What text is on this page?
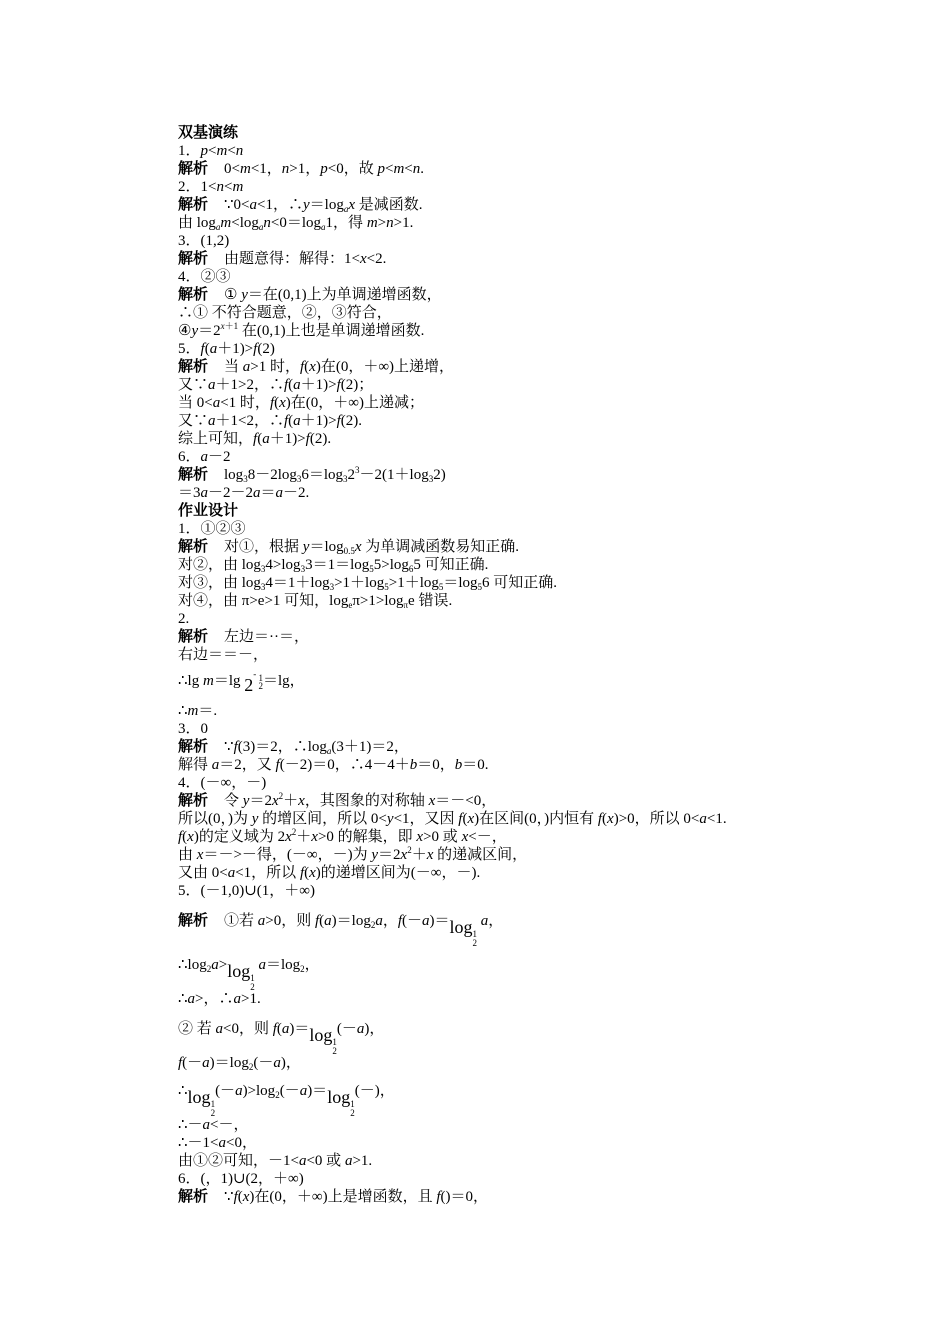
双基演练
1．p<m<n
解析 0<m<1，n>1，p<0，故 p<m<n.
2．1<n<m
解析 ∵0<a<1，$\therefore y=\log_ax$ 是减函数.
由 $\log_am<\log_an<0=\log_a1$，得 m>n>1.
3．(1,2)
解析 由题意得：解得：1<x<2.
4．②③
解析 ① y＝在(0,1)上为单调递增函数，
∴① 不符合题意，②，③符合，
$④y=2^{x+1}$ 在(0,1)上也是单调递增函数.
5．f(a＋1)>f(2)
解析 当 a>1 时，f(x)在(0，＋∞)上递增，
又∵a＋1>2，∴f(a＋1)>f(2)；
当 0<a<1 时，f(x)在(0，＋∞)上递减；
又∵a＋1<2，∴f(a＋1)>f(2).
综上可知，f(a＋1)>f(2).
6．a－2
解析 $\log_38-2\log_36=\log_32^3-2(1+\log_32)$
＝3a－2－2a＝a－2.
作业设计
1．①②③
解析 对①，根据 $y=\log_{0.5}x$ 为单调减函数易知正确.
对②，由 $\log_34>\log_33=1=\log_55>\log_65$ 可知正确.
对③，由 $\log_34=1+\log_3>1+\log_5>1+\log_5=\log_56$ 可知正确.
对④，由 π>e>1 可知，$\log_e\pi>1>\log_\pi e$ 错误.
2.
解析 左边＝··＝，
右边＝＝－，
∴lg m＝lg $2^{- 1 2} =\lg$，
∴m＝.
3．0
解析 ∵f(3)＝2，$\therefore\log_a(3+1)=2$，
解得 a＝2，又 f(－2)＝0，∴4－4＋b＝0，b＝0.
4．(－∞，－)
解析 令 $y=2x^2+x$，其图象的对称轴 x＝－<0，
所以(0，)为 y 的增区间，所以 0<y<1，又因 f(x)在区间(0，)内恒有 f(x)>0，所以 0<a<1.
f(x)的定义域为 $2x^2+x>0$ 的解集，即 x>0 或 x<－，
由 x＝－>－得，(－∞，－)为 $y=2x^2+x$ 的递减区间，
又由 0<a<1，所以 f(x)的递增区间为(－∞，－).
5．(－1,0)∪(1，＋∞)
解析 ①若 a>0，则 $f(a)=\log_2a$，f(－a)＝ log 1
2
a，
$\therefore\log_2a> \log 1$
2
$a=\log_2$，
∴a>，∴a>1.
② 若 a<0，则 f(a)＝ log 1
2
(－a)，
$f(-a)=\log_2(-a)$，
∴ log 1
2
$(-a)>\log_2(-a)= \log 1$
2
(－)，
∴－a<－，
∴－1<a<0，
由①②可知，－1<a<0 或 a>1.
6．(，1)∪(2，＋∞)
解析 ∵f(x)在(0，＋∞)上是增函数，且 f()＝0，
